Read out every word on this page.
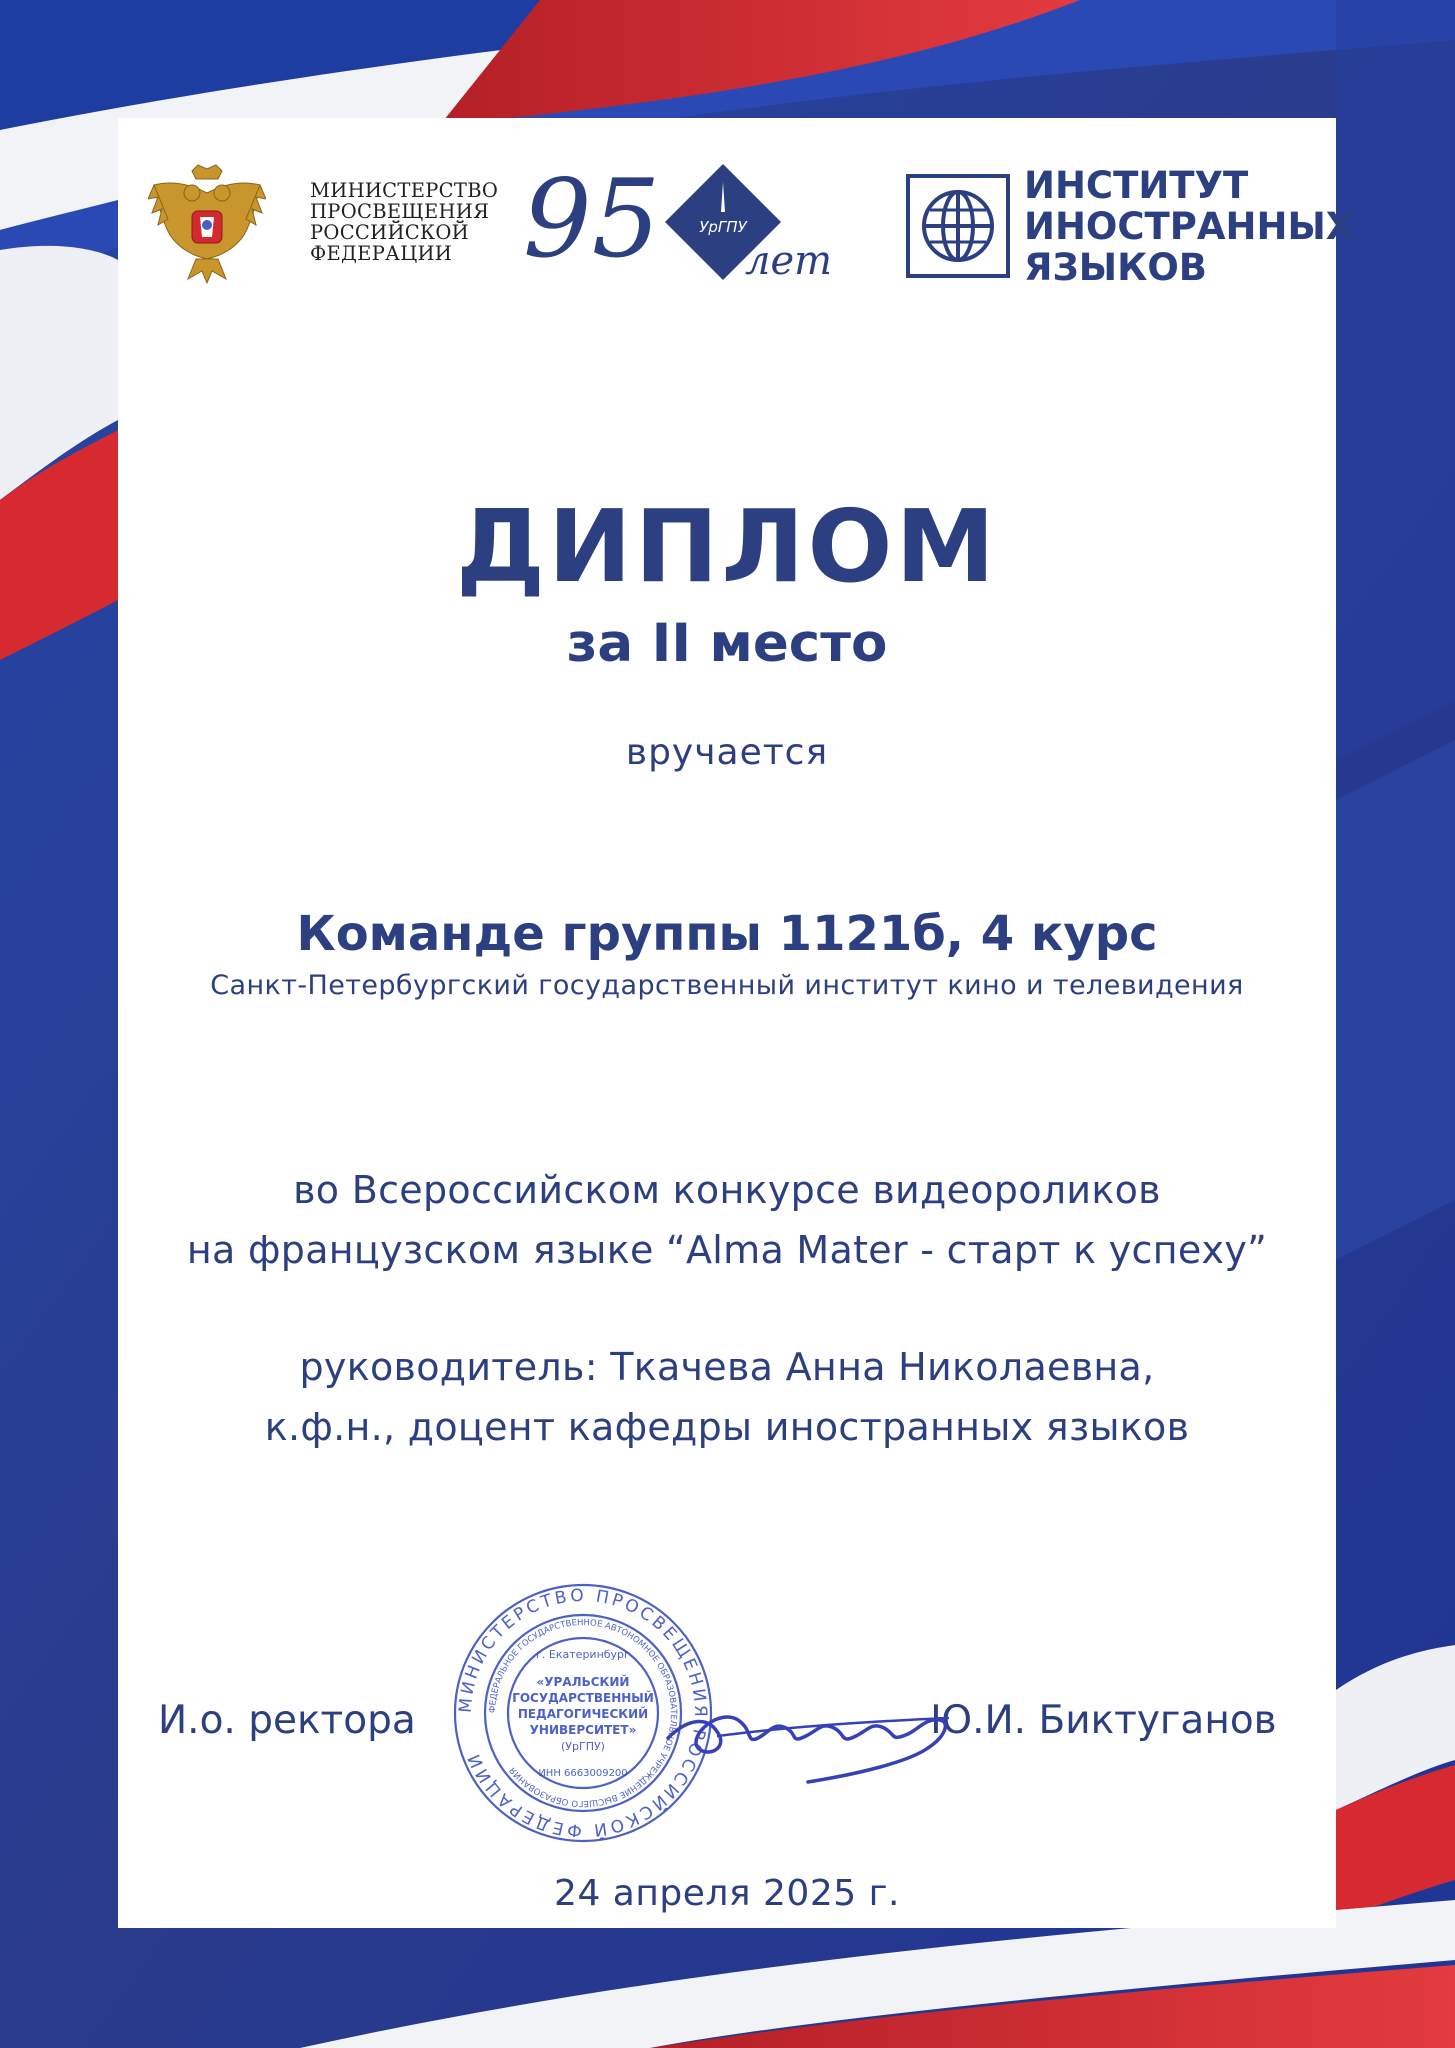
МИНИСТЕРСТВО
ПРОСВЕЩЕНИЯ
РОССИЙСКОЙ
ФЕДЕРАЦИИ 95	УрГПУ
лет
ИНСТИТУТ
ИНОСТРАННЫХ
ЯЗЫКОВ
ДИПЛОМ
за II место
вручается
Команде группы 1121б, 4 курс
Санкт-Петербургский государственный институт кино и телевидения
во Всероссийском конкурсе видеороликов
на французском языке “Alma Mater - старт к успеху”
руководитель: Ткачева Анна Николаевна,
к.ф.н., доцент кафедры иностранных языков
И.о. ректора	Ю.И. Биктуганов
МИНИСТЕРСТВО ПРОСВЕЩЕНИЯ РОССИЙСКОЙ ФЕДЕРАЦИИ
ФЕДЕРАЛЬНОЕ ГОСУДАРСТВЕННОЕ АВТОНОМНОЕ ОБРАЗОВАТЕЛЬНОЕ УЧРЕЖДЕНИЕ ВЫСШЕГО ОБРАЗОВАНИЯ
г. Екатеринбург
«УРАЛЬСКИЙ
ГОСУДАРСТВЕННЫЙ
ПЕДАГОГИЧЕСКИЙ
УНИВЕРСИТЕТ»
(УрГПУ)
ИНН 6663009200
24 апреля 2025 г.
